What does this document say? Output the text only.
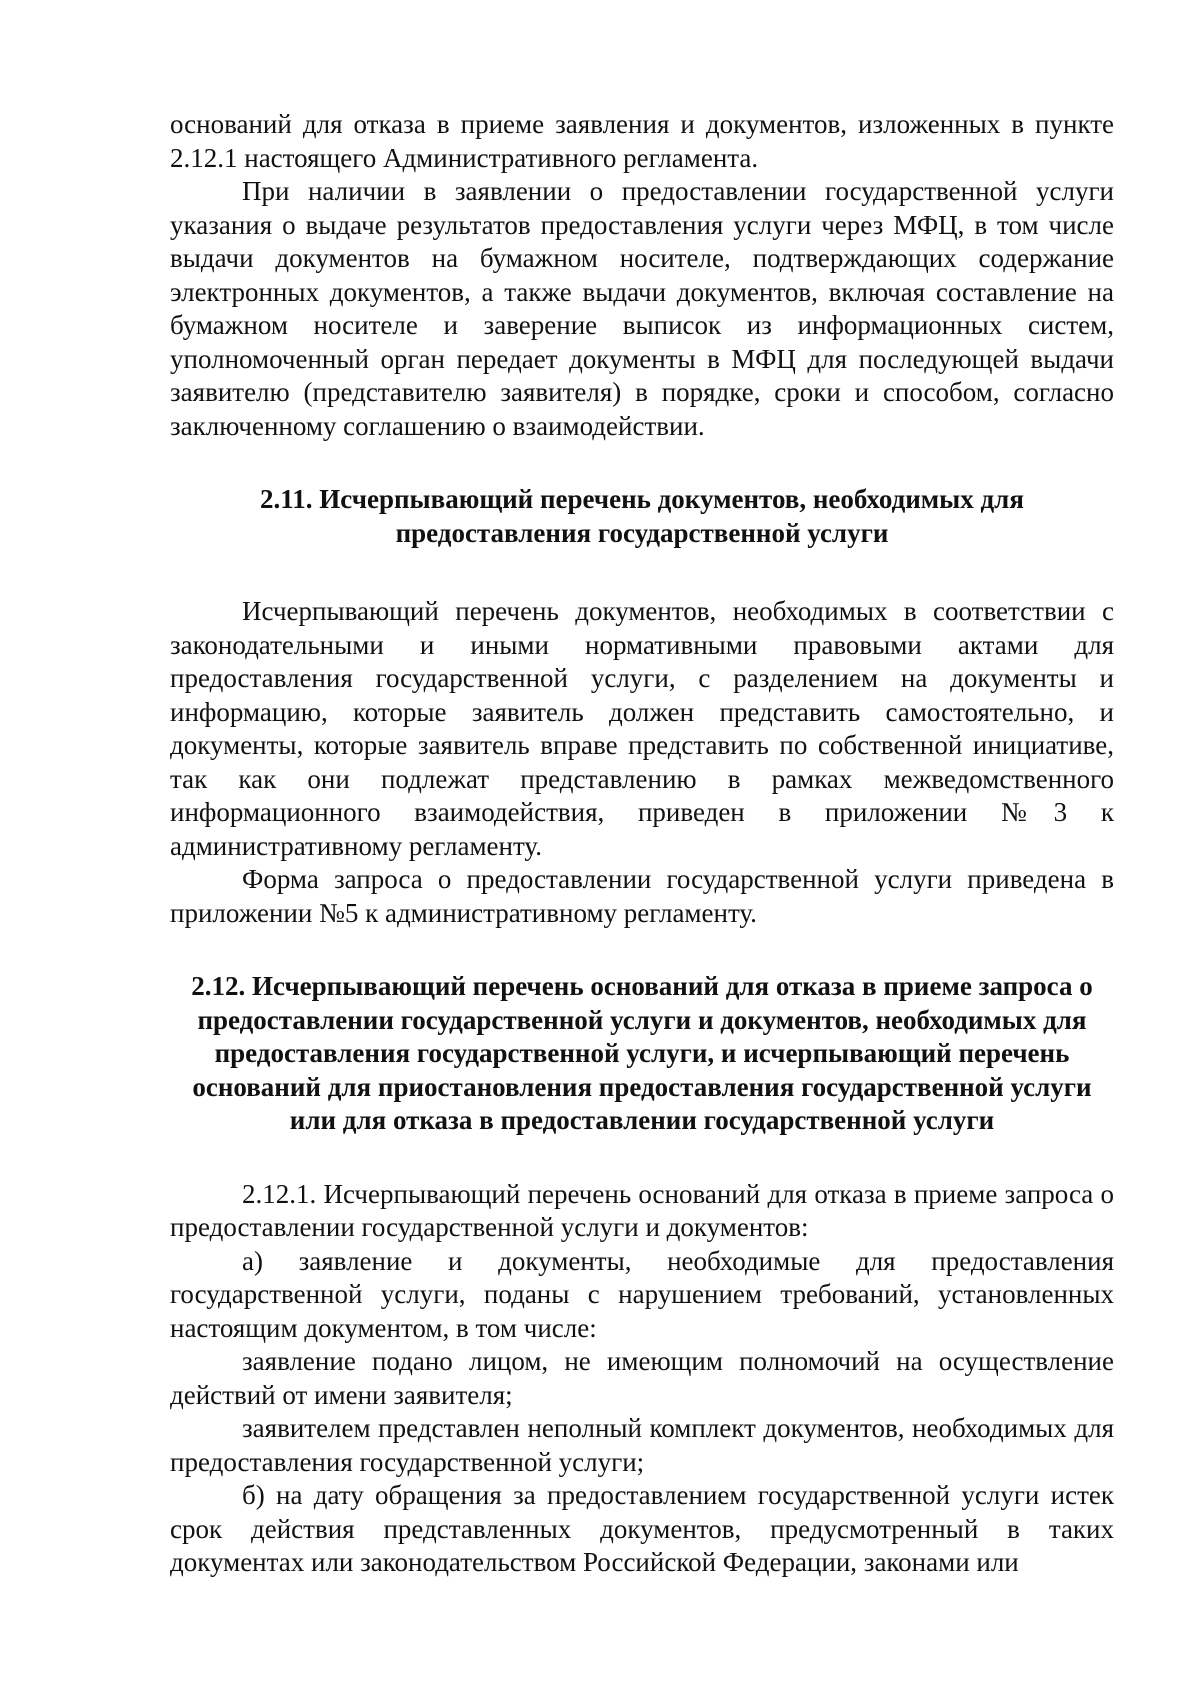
оснований для отказа в приеме заявления и документов, изложенных в пункте 2.12.1 настоящего Административного регламента.

При наличии в заявлении о предоставлении государственной услуги указания о выдаче результатов предоставления услуги через МФЦ, в том числе выдачи документов на бумажном носителе, подтверждающих содержание электронных документов, а также выдачи документов, включая составление на бумажном носителе и заверение выписок из информационных систем, уполномоченный орган передает документы в МФЦ для последующей выдачи заявителю (представителю заявителя) в порядке, сроки и способом, согласно заключенному соглашению о взаимодействии.

2.11. Исчерпывающий перечень документов, необходимых для предоставления государственной услуги

Исчерпывающий перечень документов, необходимых в соответствии с законодательными и иными нормативными правовыми актами для предоставления государственной услуги, с разделением на документы и информацию, которые заявитель должен представить самостоятельно, и документы, которые заявитель вправе представить по собственной инициативе, так как они подлежат представлению в рамках межведомственного информационного взаимодействия, приведен в приложении №3 к административному регламенту.

Форма запроса о предоставлении государственной услуги приведена в приложении №5 к административному регламенту.

2.12. Исчерпывающий перечень оснований для отказа в приеме запроса о предоставлении государственной услуги и документов, необходимых для предоставления государственной услуги, и исчерпывающий перечень оснований для приостановления предоставления государственной услуги или для отказа в предоставлении государственной услуги

2.12.1. Исчерпывающий перечень оснований для отказа в приеме запроса о предоставлении государственной услуги и документов:

а) заявление и документы, необходимые для предоставления государственной услуги, поданы с нарушением требований, установленных настоящим документом, в том числе:

заявление подано лицом, не имеющим полномочий на осуществление действий от имени заявителя;

заявителем представлен неполный комплект документов, необходимых для предоставления государственной услуги;

б) на дату обращения за предоставлением государственной услуги истек срок действия представленных документов, предусмотренный в таких документах или законодательством Российской Федерации, законами или
